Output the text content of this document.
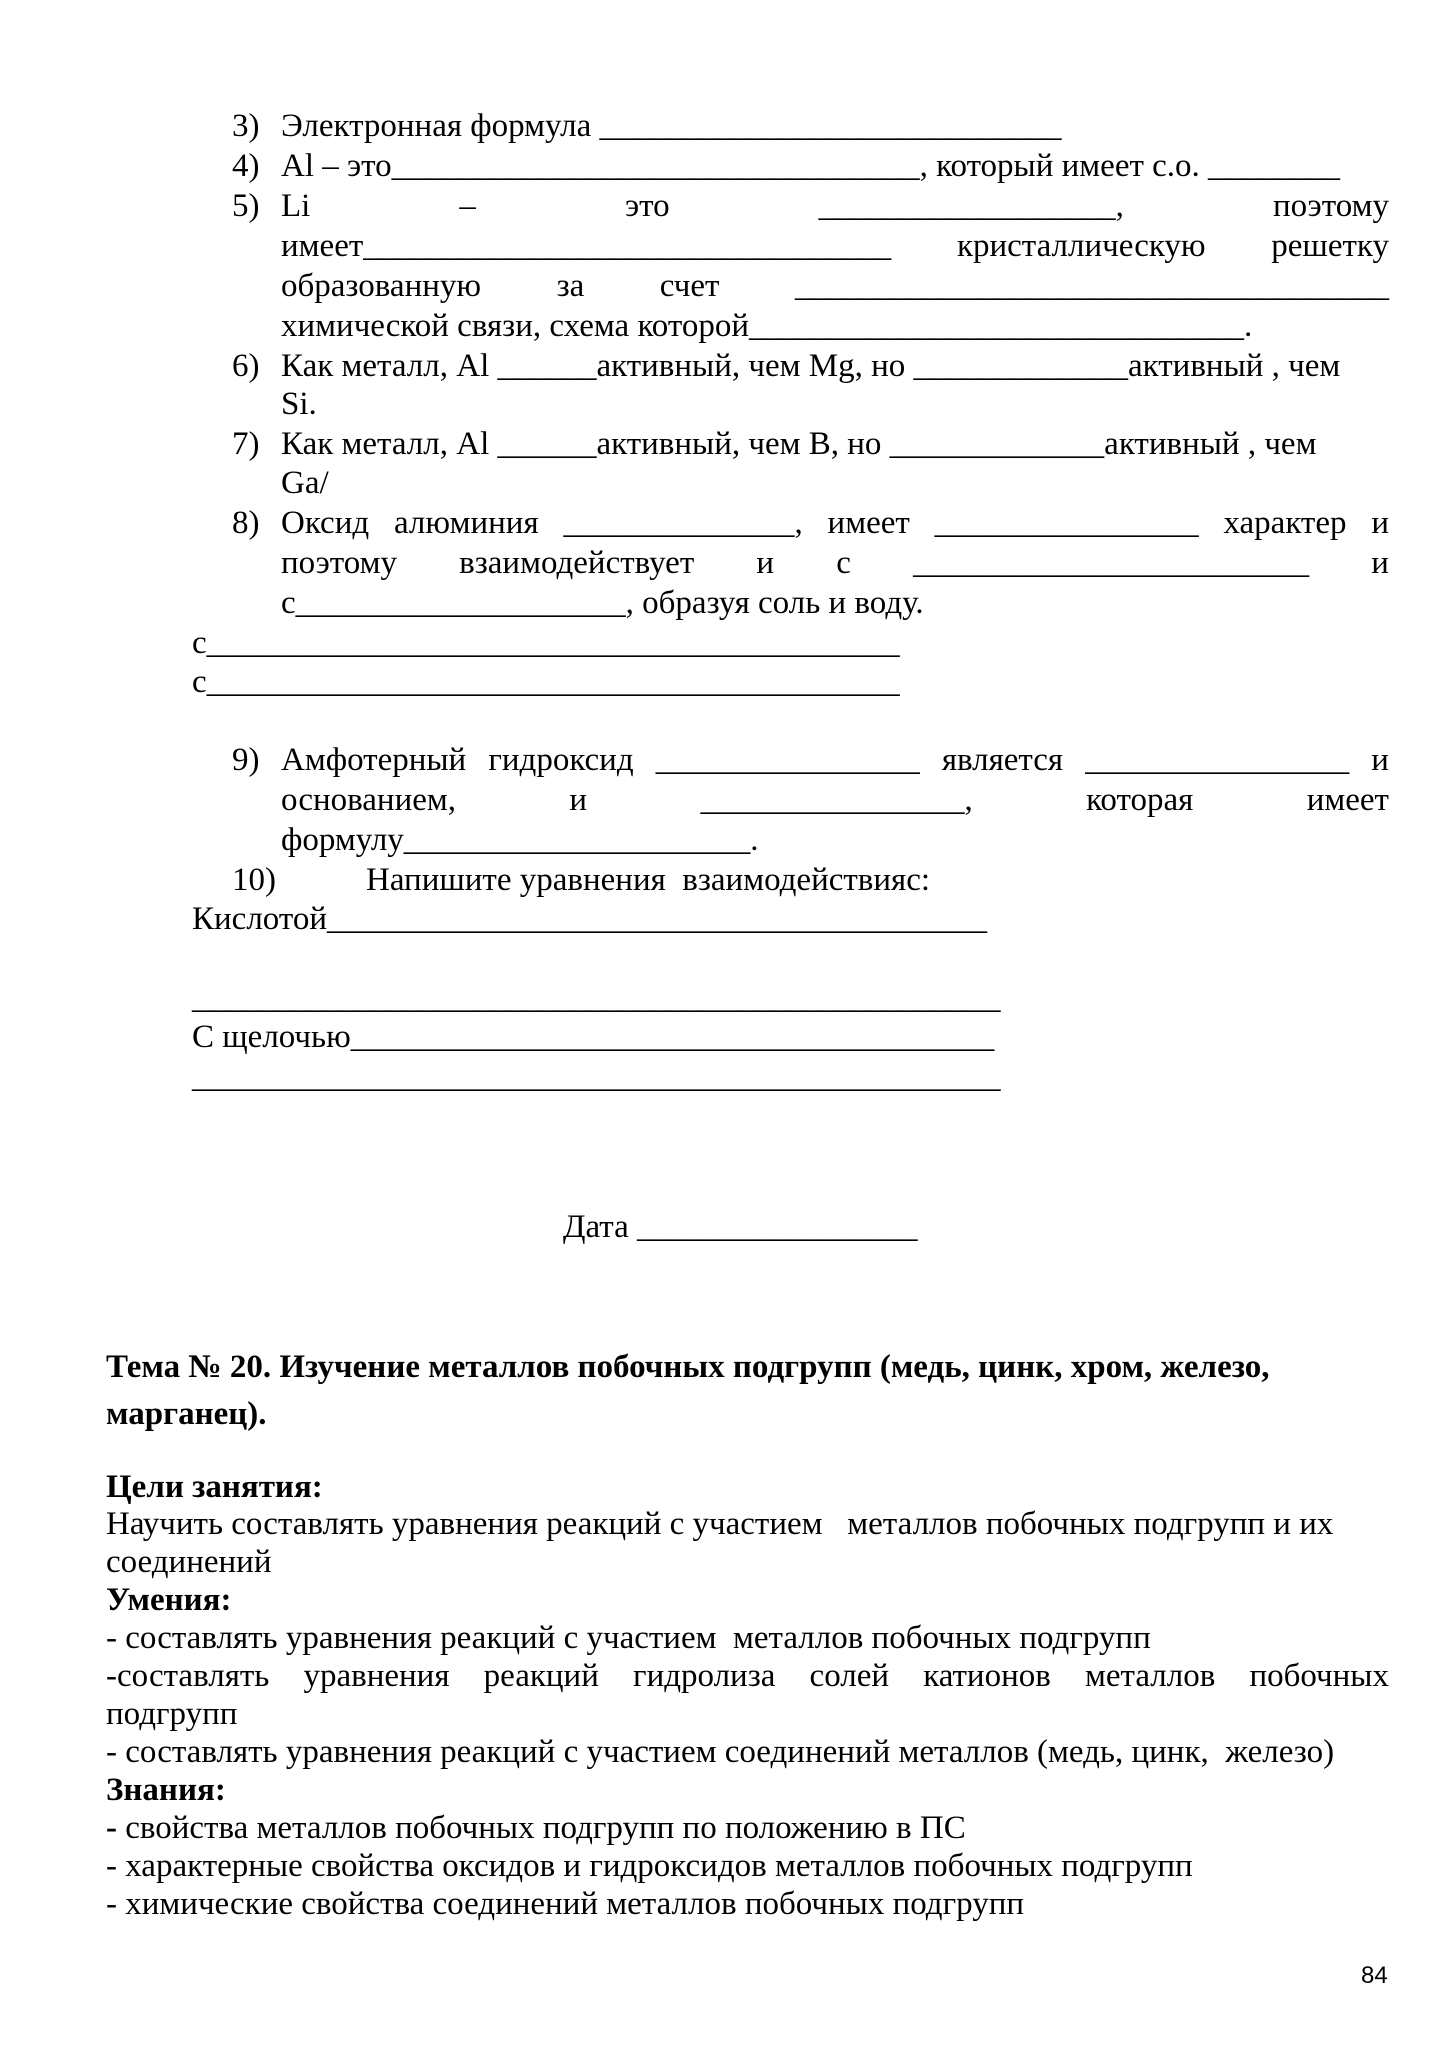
3) Электронная формула ____________________________
4) Al – это________________________________, который имеет с.о. ________
5) Li	–	это	__________________,	поэтому
имеет________________________________ кристаллическую решетку
образованную за счет ____________________________________
химической связи, схема которой______________________________.
6) Как металл, Al ______активный, чем Mg, но _____________активный , чем
Si.
7) Как металл, Al ______активный, чем B, но _____________активный , чем
Ga/
8) Оксид алюминия ______________, имеет ________________ характер и
поэтому взаимодействует и с ________________________ и
с____________________, образуя соль и воду.
с__________________________________________
с__________________________________________
9) Амфотерный гидроксид ________________ является ________________ и
основанием,	и	________________,	которая	имеет
формулу_____________________.
10)	Напишите уравнения  взаимодействияс:
Кислотой________________________________________
_________________________________________________
С щелочью_______________________________________
_________________________________________________
Дата _________________
Тема № 20. Изучение металлов побочных подгрупп (медь, цинк, хром, железо,
марганец).
Цели занятия:
Научить составлять уравнения реакций с участием   металлов побочных подгрупп и их
соединений
Умения:
- составлять уравнения реакций с участием  металлов побочных подгрупп
-составлять уравнения реакций гидролиза солей катионов металлов побочных
подгрупп
- составлять уравнения реакций с участием соединений металлов (медь, цинк,  железо)
Знания:
- свойства металлов побочных подгрупп по положению в ПС
- характерные свойства оксидов и гидроксидов металлов побочных подгрупп
- химические свойства соединений металлов побочных подгрупп
84
